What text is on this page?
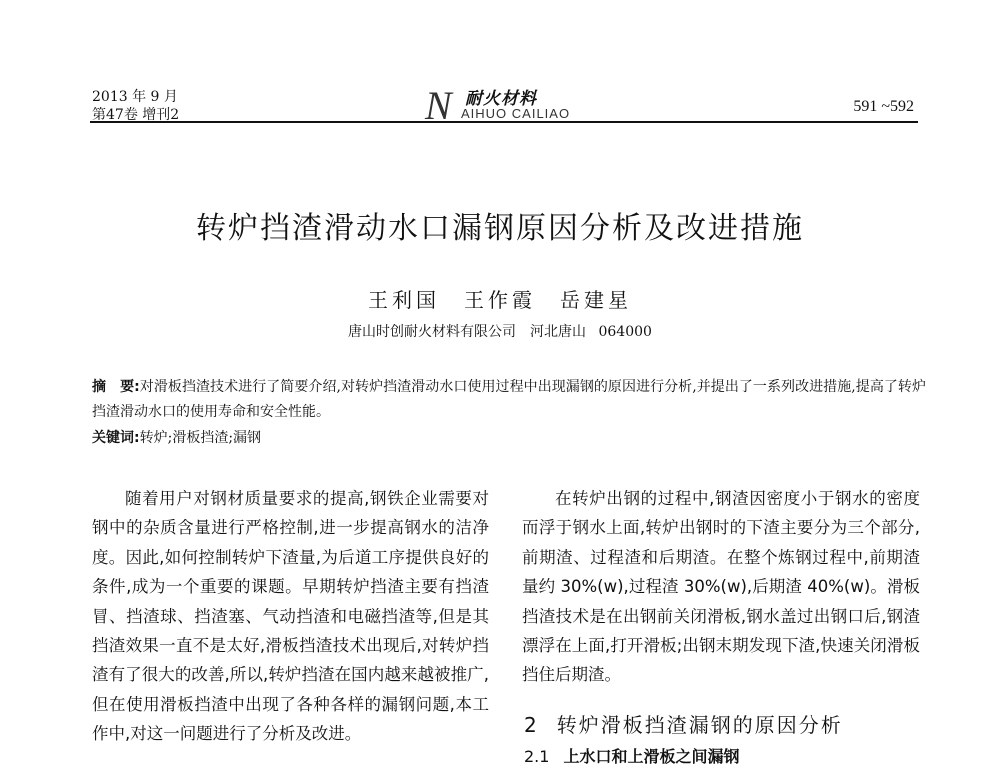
2013 年 9 月
第47卷 增刊2	N 耐火材料
AIHUO CAILIAO	591 ~592
转炉挡渣滑动水口漏钢原因分析及改进措施
王利国　王作霞　岳建星
唐山时创耐火材料有限公司　河北唐山 064000
摘　要:对滑板挡渣技术进行了简要介绍,对转炉挡渣滑动水口使用过程中出现漏钢的原因进行分析,并提出了一系列改进措施,提高了转炉挡渣滑动水口的使用寿命和安全性能。
关键词:转炉;滑板挡渣;漏钢

随着用户对钢材质量要求的提高,钢铁企业需要对钢中的杂质含量进行严格控制,进一步提高钢水的洁净度。因此,如何控制转炉下渣量,为后道工序提供良好的条件,成为一个重要的课题。早期转炉挡渣主要有挡渣冒、挡渣球、挡渣塞、气动挡渣和电磁挡渣等,但是其挡渣效果一直不是太好,滑板挡渣技术出现后,对转炉挡渣有了很大的改善,所以,转炉挡渣在国内越来越被推广,但在使用滑板挡渣中出现了各种各样的漏钢问题,本工作中,对这一问题进行了分析及改进。

在转炉出钢的过程中,钢渣因密度小于钢水的密度而浮于钢水上面,转炉出钢时的下渣主要分为三个部分,前期渣、过程渣和后期渣。在整个炼钢过程中,前期渣量约 30%(w),过程渣 30%(w),后期渣 40%(w)。滑板挡渣技术是在出钢前关闭滑板,钢水盖过出钢口后,钢渣漂浮在上面,打开滑板;出钢末期发现下渣,快速关闭滑板挡住后期渣。

2 转炉滑板挡渣漏钢的原因分析
2.1 上水口和上滑板之间漏钢
